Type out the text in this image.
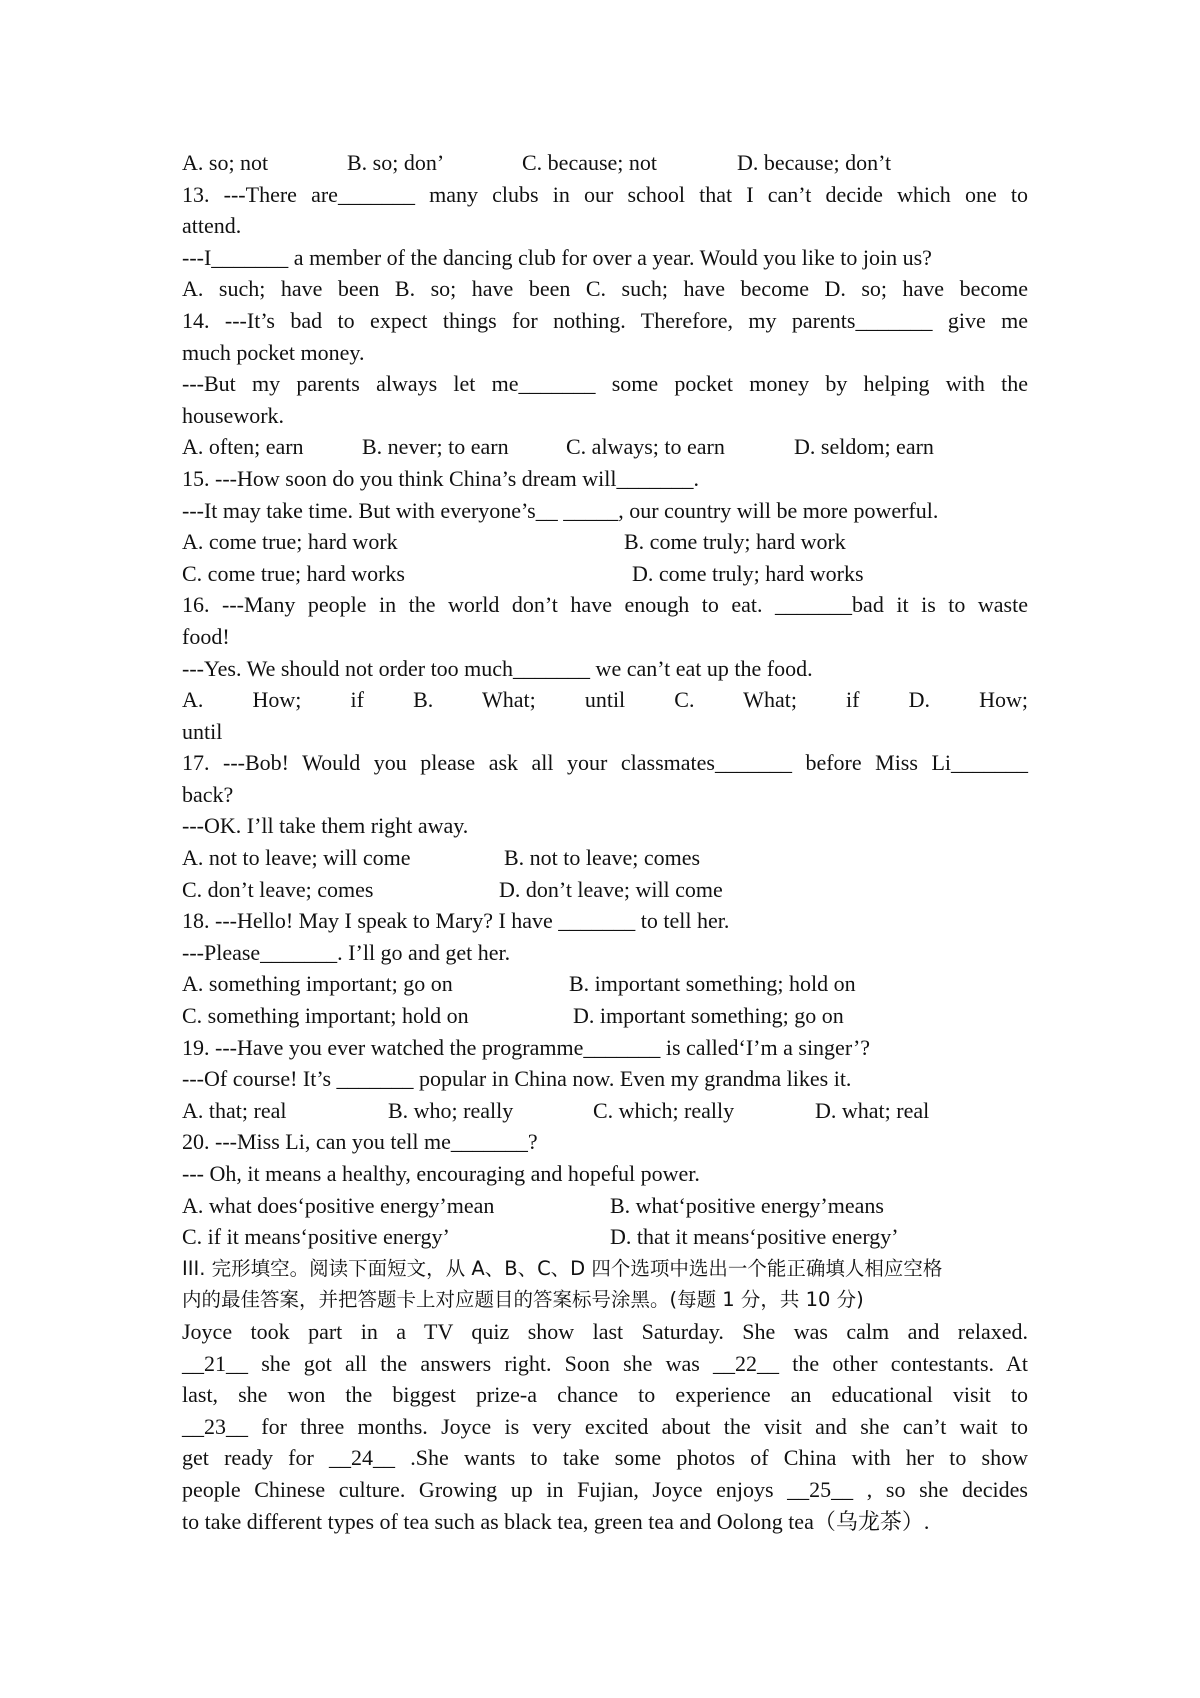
A. so; not	B. so; don’	C. because; not	D. because; don’t
13. ---There are_______ many clubs in our school that I can’t decide which one to
attend.
---I_______ a member of the dancing club for over a year. Would you like to join us?
A. such; have been B. so; have been C. such; have become D. so; have become
14. ---It’s bad to expect things for nothing. Therefore, my parents_______ give me
much pocket money.
---But my parents always let me_______ some pocket money by helping with the
housework.
A. often; earn	B. never; to earn	C. always; to earn	D. seldom; earn
15. ---How soon do you think China’s dream will_______.
---It may take time. But with everyone’s__ _____, our country will be more powerful.
A. come true; hard work	B. come truly; hard work
C. come true; hard works	D. come truly; hard works
16. ---Many people in the world don’t have enough to eat. _______bad it is to waste
food!
---Yes. We should not order too much_______ we can’t eat up the food.
A. How; if B. What; until C. What; if D. How;
until
17. ---Bob! Would you please ask all your classmates_______ before Miss Li_______
back?
---OK. I’ll take them right away.
A. not to leave; will come	B. not to leave; comes
C. don’t leave; comes	D. don’t leave; will come
18. ---Hello! May I speak to Mary? I have _______ to tell her.
---Please_______. I’ll go and get her.
A. something important; go on	B. important something; hold on
C. something important; hold on	D. important something; go on
19. ---Have you ever watched the programme_______ is called‘I’m a singer’?
---Of course! It’s _______ popular in China now. Even my grandma likes it.
A. that; real	B. who; really	C. which; really	D. what; real
20. ---Miss Li, can you tell me_______?
--- Oh, it means a healthy, encouraging and hopeful power.
A. what does‘positive energy’mean	B. what‘positive energy’means
C. if it means‘positive energy’	D. that it means‘positive energy’
III. 完形填空。阅读下面短文，从 A、B、C、D 四个选项中选出一个能正确填人相应空格
内的最佳答案，并把答题卡上对应题目的答案标号涂黑。(每题 1 分，共 10 分)
Joyce took part in a TV quiz show last Saturday. She was calm and relaxed.
__21__ she got all the answers right. Soon she was __22__ the other contestants. At
last, she won the biggest prize-a chance to experience an educational visit to
__23__ for three months. Joyce is very excited about the visit and she can’t wait to
get ready for __24__ .She wants to take some photos of China with her to show
people Chinese culture. Growing up in Fujian, Joyce enjoys __25__ , so she decides
to take different types of tea such as black tea, green tea and Oolong tea（乌龙茶）.
